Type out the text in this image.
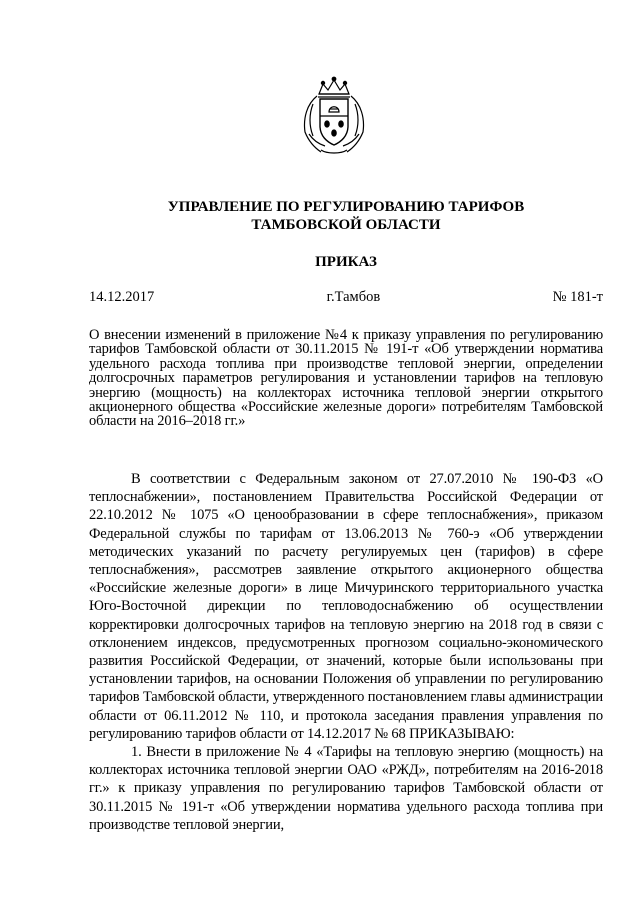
УПРАВЛЕНИЕ ПО РЕГУЛИРОВАНИЮ ТАРИФОВ
ТАМБОВСКОЙ ОБЛАСТИ
ПРИКАЗ
14.12.2017	г.Тамбов	№ 181-т
О внесении изменений в приложение №4 к приказу управления по регулированию тарифов Тамбовской области от 30.11.2015 № 191-т «Об утверждении норматива удельного расхода топлива при производстве тепловой энергии, определении долгосрочных параметров регулирования и установлении тарифов на тепловую энергию (мощность) на коллекторах источника тепловой энергии открытого акционерного общества «Российские железные дороги» потребителям Тамбовской области на 2016–2018 гг.»

В соответствии с Федеральным законом от 27.07.2010 № 190-ФЗ «О теплоснабжении», постановлением Правительства Российской Федерации от 22.10.2012 № 1075 «О ценообразовании в сфере теплоснабжения», приказом Федеральной службы по тарифам от 13.06.2013 № 760-э «Об утверждении методических указаний по расчету регулируемых цен (тарифов) в сфере теплоснабжения», рассмотрев заявление открытого акционерного общества «Российские железные дороги» в лице Мичуринского территориального участка Юго-Восточной дирекции по тепловодоснабжению об осуществлении корректировки долгосрочных тарифов на тепловую энергию на 2018 год в связи с отклонением индексов, предусмотренных прогнозом социально-экономического развития Российской Федерации, от значений, которые были использованы при установлении тарифов, на основании Положения об управлении по регулированию тарифов Тамбовской области, утвержденного постановлением главы администрации области от 06.11.2012 № 110, и протокола заседания правления управления по регулированию тарифов области от 14.12.2017 № 68 ПРИКАЗЫВАЮ:

1. Внести в приложение № 4 «Тарифы на тепловую энергию (мощность) на коллекторах источника тепловой энергии ОАО «РЖД», потребителям на 2016-2018 гг.» к приказу управления по регулированию тарифов Тамбовской области от 30.11.2015 № 191-т «Об утверждении норматива удельного расхода топлива при производстве тепловой энергии,
